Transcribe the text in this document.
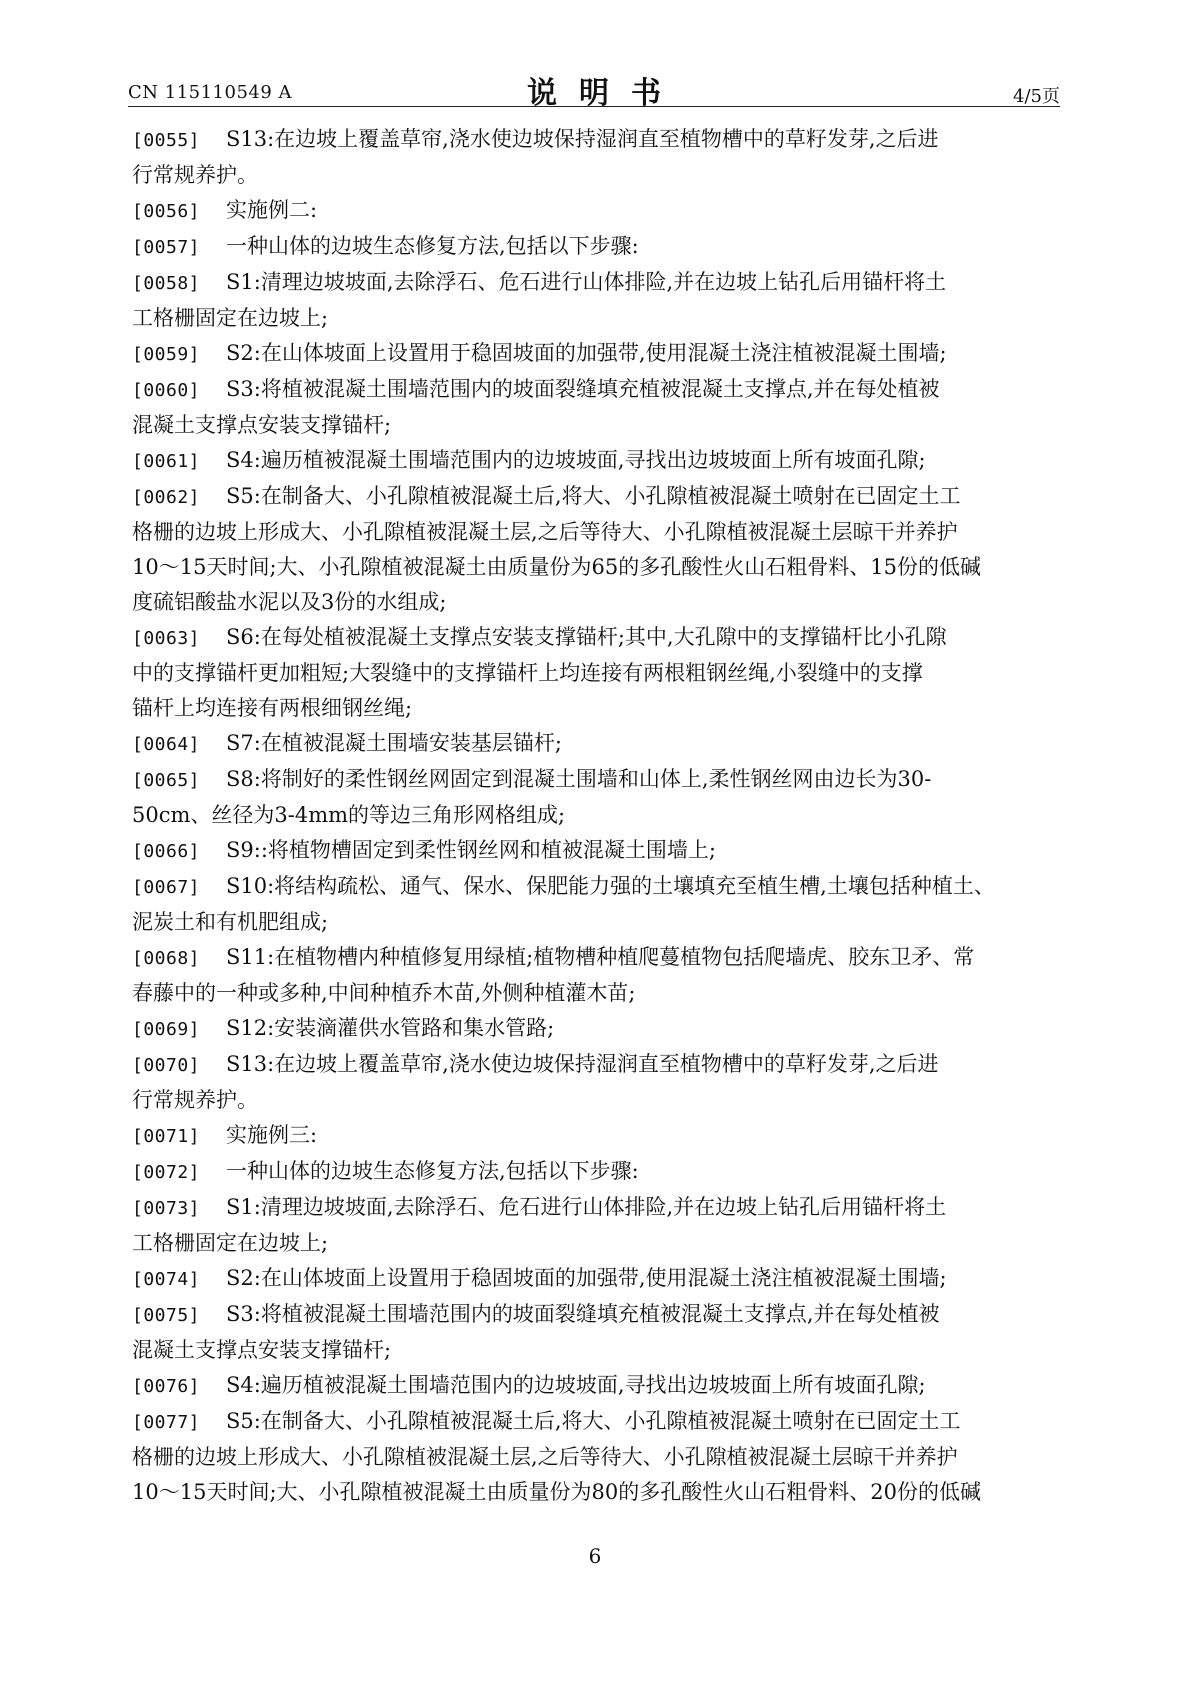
CN 115110549 A	说明书	4/5页
[0055] S13:在边坡上覆盖草帘,浇水使边坡保持湿润直至植物槽中的草籽发芽,之后进
行常规养护。
[0056] 实施例二:
[0057] 一种山体的边坡生态修复方法,包括以下步骤:
[0058] S1:清理边坡坡面,去除浮石、危石进行山体排险,并在边坡上钻孔后用锚杆将土
工格栅固定在边坡上;
[0059] S2:在山体坡面上设置用于稳固坡面的加强带,使用混凝土浇注植被混凝土围墙;
[0060] S3:将植被混凝土围墙范围内的坡面裂缝填充植被混凝土支撑点,并在每处植被
混凝土支撑点安装支撑锚杆;
[0061] S4:遍历植被混凝土围墙范围内的边坡坡面,寻找出边坡坡面上所有坡面孔隙;
[0062] S5:在制备大、小孔隙植被混凝土后,将大、小孔隙植被混凝土喷射在已固定土工
格栅的边坡上形成大、小孔隙植被混凝土层,之后等待大、小孔隙植被混凝土层晾干并养护
10～15天时间;大、小孔隙植被混凝土由质量份为65的多孔酸性火山石粗骨料、15份的低碱
度硫铝酸盐水泥以及3份的水组成;
[0063] S6:在每处植被混凝土支撑点安装支撑锚杆;其中,大孔隙中的支撑锚杆比小孔隙
中的支撑锚杆更加粗短;大裂缝中的支撑锚杆上均连接有两根粗钢丝绳,小裂缝中的支撑
锚杆上均连接有两根细钢丝绳;
[0064] S7:在植被混凝土围墙安装基层锚杆;
[0065] S8:将制好的柔性钢丝网固定到混凝土围墙和山体上,柔性钢丝网由边长为30-
50cm、丝径为3-4mm的等边三角形网格组成;
[0066] S9::将植物槽固定到柔性钢丝网和植被混凝土围墙上;
[0067] S10:将结构疏松、通气、保水、保肥能力强的土壤填充至植生槽,土壤包括种植土、
泥炭土和有机肥组成;
[0068] S11:在植物槽内种植修复用绿植;植物槽种植爬蔓植物包括爬墙虎、胶东卫矛、常
春藤中的一种或多种,中间种植乔木苗,外侧种植灌木苗;
[0069] S12:安装滴灌供水管路和集水管路;
[0070] S13:在边坡上覆盖草帘,浇水使边坡保持湿润直至植物槽中的草籽发芽,之后进
行常规养护。
[0071] 实施例三:
[0072] 一种山体的边坡生态修复方法,包括以下步骤:
[0073] S1:清理边坡坡面,去除浮石、危石进行山体排险,并在边坡上钻孔后用锚杆将土
工格栅固定在边坡上;
[0074] S2:在山体坡面上设置用于稳固坡面的加强带,使用混凝土浇注植被混凝土围墙;
[0075] S3:将植被混凝土围墙范围内的坡面裂缝填充植被混凝土支撑点,并在每处植被
混凝土支撑点安装支撑锚杆;
[0076] S4:遍历植被混凝土围墙范围内的边坡坡面,寻找出边坡坡面上所有坡面孔隙;
[0077] S5:在制备大、小孔隙植被混凝土后,将大、小孔隙植被混凝土喷射在已固定土工
格栅的边坡上形成大、小孔隙植被混凝土层,之后等待大、小孔隙植被混凝土层晾干并养护
10～15天时间;大、小孔隙植被混凝土由质量份为80的多孔酸性火山石粗骨料、20份的低碱
6
